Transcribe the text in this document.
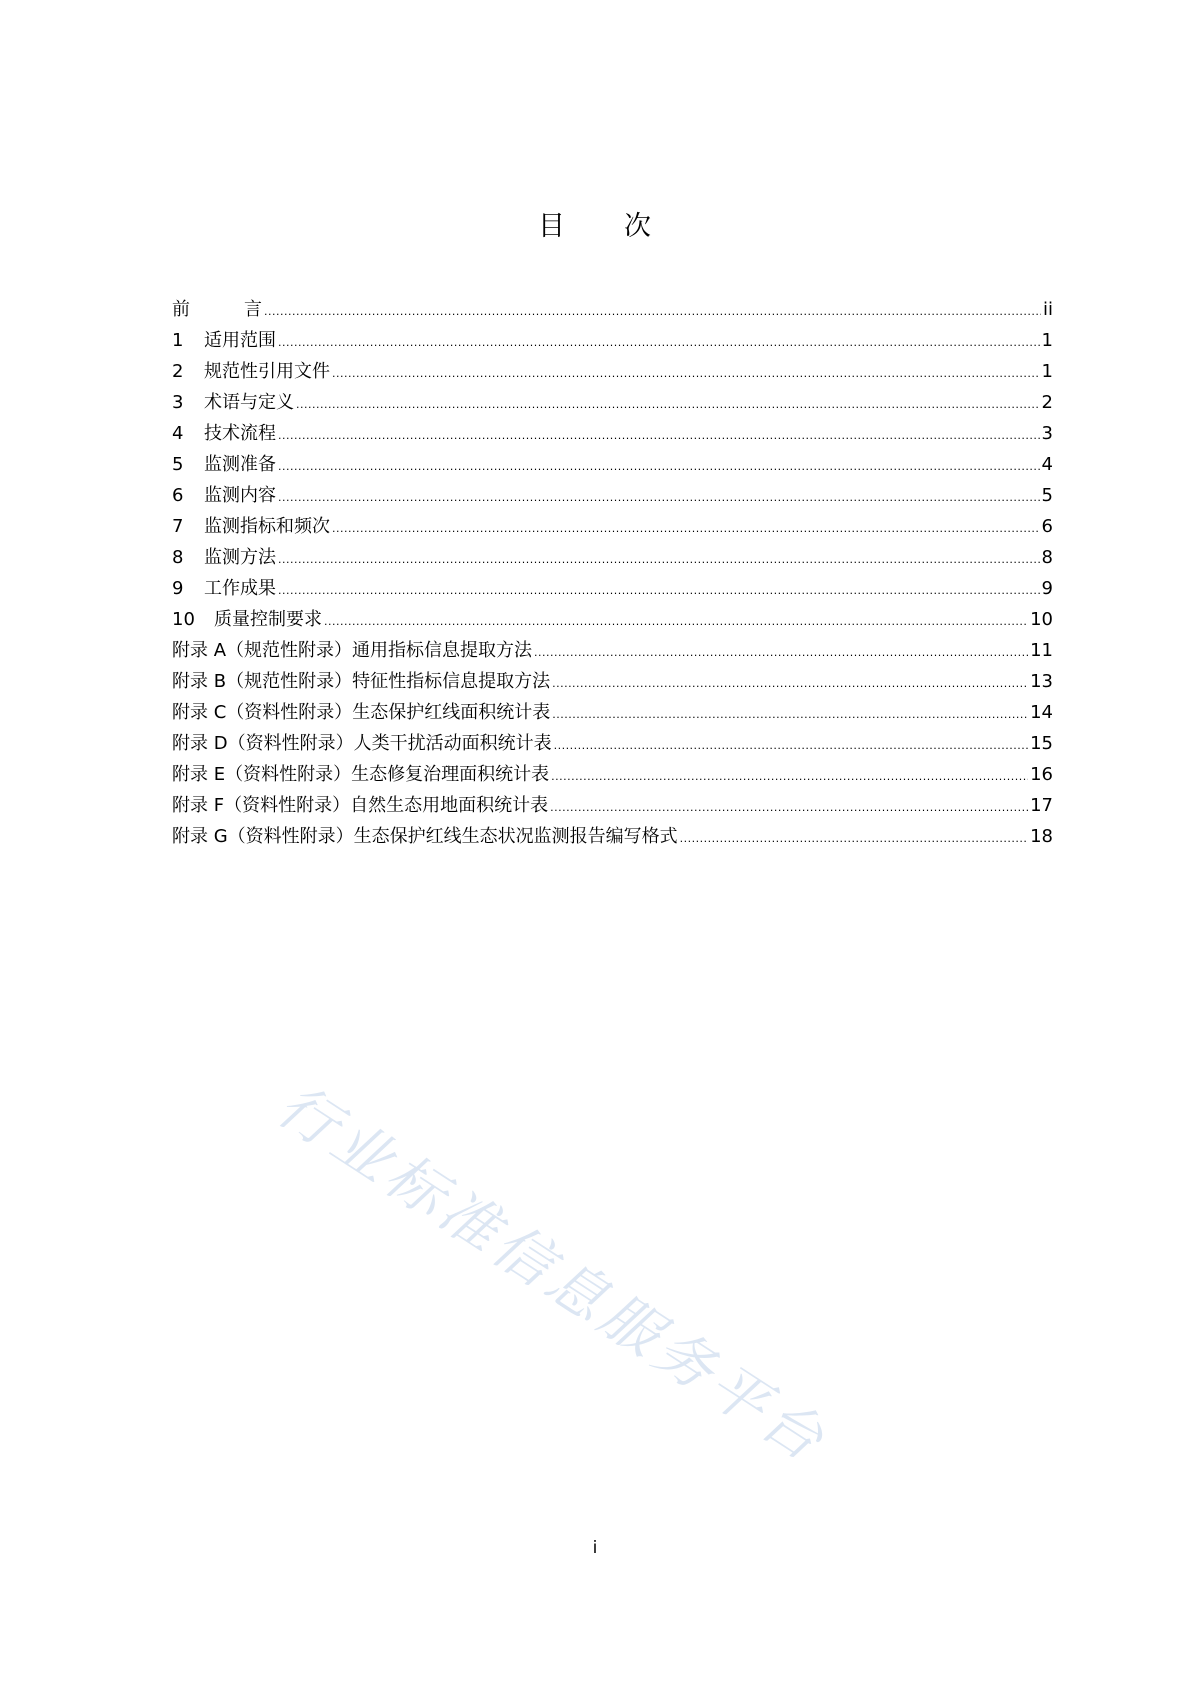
目 次
前	言 .....	ii
1	适用范围 .....	1
2	规范性引用文件 .....	1
3	术语与定义 .....	2
4	技术流程 .....	3
5	监测准备 .....	4
6	监测内容 .....	5
7	监测指标和频次 .....	6
8	监测方法 .....	8
9	工作成果 .....	9
10	质量控制要求 .....	10
附录 A（规范性附录）通用指标信息提取方法 .....	11
附录 B（规范性附录）特征性指标信息提取方法 .....	13
附录 C（资料性附录）生态保护红线面积统计表 .....	14
附录 D（资料性附录）人类干扰活动面积统计表 .....	15
附录 E（资料性附录）生态修复治理面积统计表 .....	16
附录 F（资料性附录）自然生态用地面积统计表 .....	17
附录 G（资料性附录）生态保护红线生态状况监测报告编写格式 .....	18
行业标准信息服务平台
i
